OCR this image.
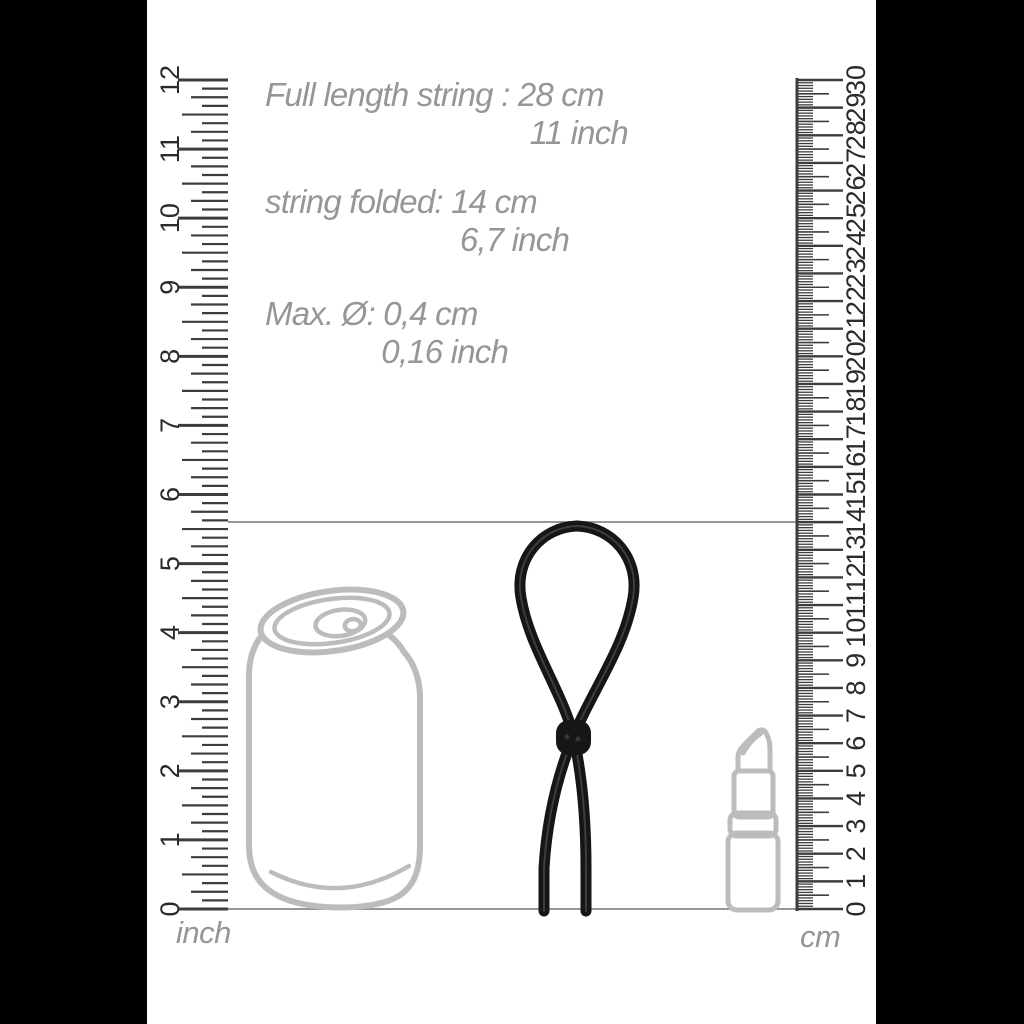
Full length string : 28 cm
11 inch
string folded: 14 cm
6,7 inch
Max. Ø: 0,4 cm
0,16 inch
inch	cm
0
1
2
3
4
5
6
7
8
9
10
11
12
0
1
2
3
4
5
6
7
8
9
10
11
12
13
14
15
16
17
18
19
20
21
22
23
24
25
26
27
28
29
30
